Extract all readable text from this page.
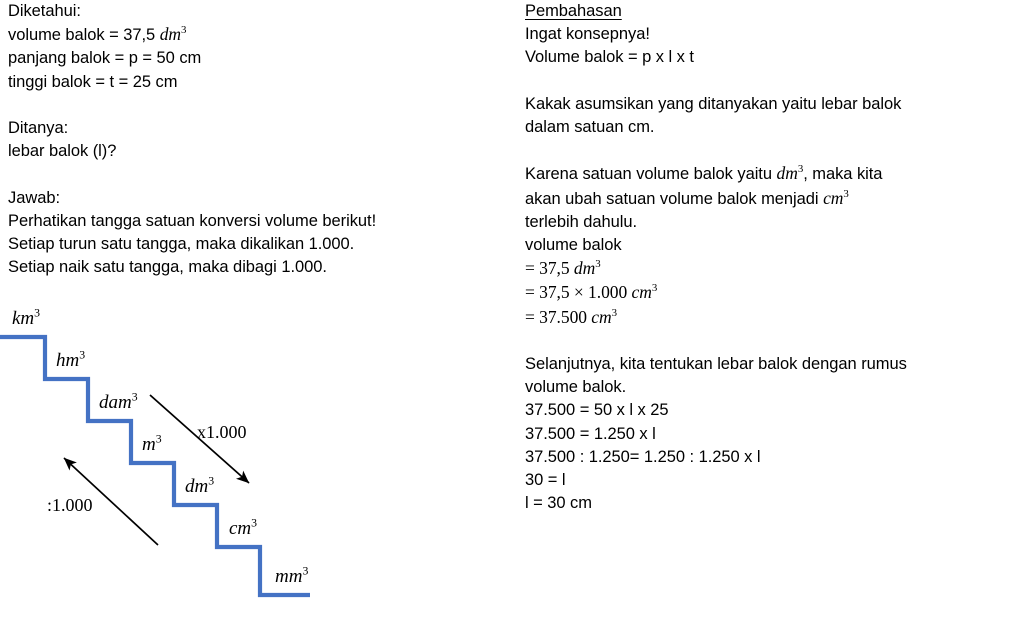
Diketahui:
volume balok = 37,5 $dm^3$
panjang balok = p = 50 cm
tinggi balok = t = 25 cm
Ditanya:
lebar balok (l)?
Jawab:
Perhatikan tangga satuan konversi volume berikut!
Setiap turun satu tangga, maka dikalikan 1.000.
Setiap naik satu tangga, maka dibagi 1.000.
$km^3$
$hm^3$
dam$^3$
$m^3$
$dm^3$
$cm^3$
$mm^3$
x1.000
:1.000
Pembahasan
Ingat konsepnya!
Volume balok = p x l x t
Kakak asumsikan yang ditanyakan yaitu lebar balok
dalam satuan cm.
Karena satuan volume balok yaitu $dm^3$, maka kita
akan ubah satuan volume balok menjadi $cm^3$
terlebih dahulu.
volume balok
= 37,5 $dm^3$
= 37,5 × 1.000 $cm^3$
= 37.500 $cm^3$
Selanjutnya, kita tentukan lebar balok dengan rumus
volume balok.
37.500 = 50 x l x 25
37.500 = 1.250 x l
37.500 : 1.250= 1.250 : 1.250 x l
30 = l
l = 30 cm
